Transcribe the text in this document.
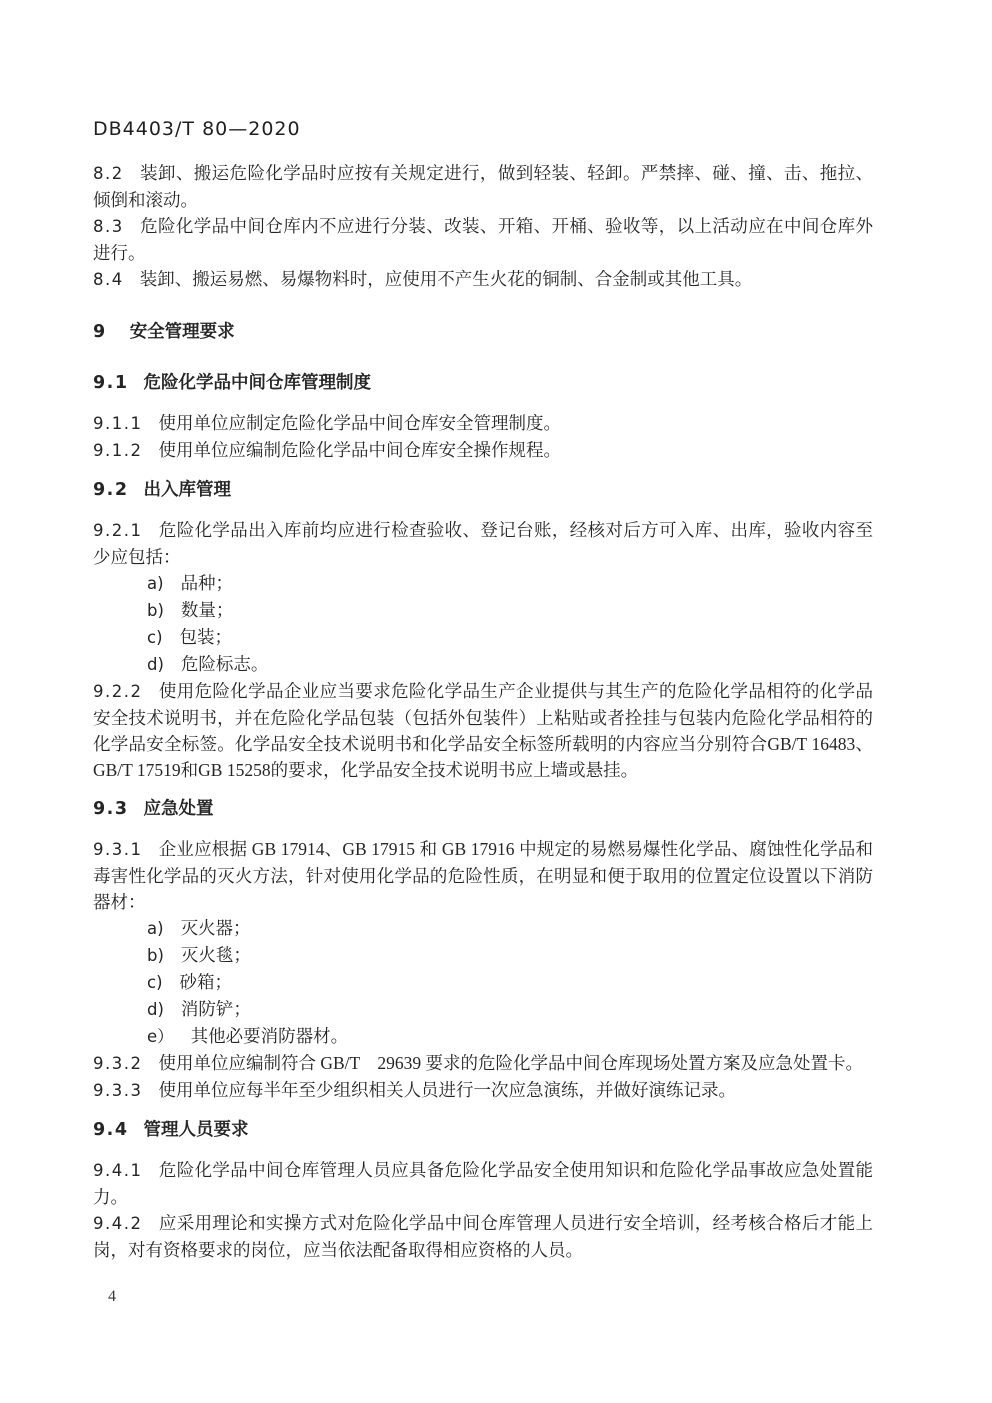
DB4403/T 80—2020

8.2 装卸、搬运危险化学品时应按有关规定进行，做到轻装、轻卸。严禁摔、碰、撞、击、拖拉、倾倒和滚动。

8.3 危险化学品中间仓库内不应进行分装、改装、开箱、开桶、验收等，以上活动应在中间仓库外进行。

8.4 装卸、搬运易燃、易爆物料时，应使用不产生火花的铜制、合金制或其他工具。

9 安全管理要求

9.1 危险化学品中间仓库管理制度

9.1.1 使用单位应制定危险化学品中间仓库安全管理制度。

9.1.2 使用单位应编制危险化学品中间仓库安全操作规程。

9.2 出入库管理

9.2.1 危险化学品出入库前均应进行检查验收、登记台账，经核对后方可入库、出库，验收内容至少应包括：

a) 品种；

b) 数量；

c) 包装；

d) 危险标志。

9.2.2 使用危险化学品企业应当要求危险化学品生产企业提供与其生产的危险化学品相符的化学品安全技术说明书，并在危险化学品包装（包括外包装件）上粘贴或者拴挂与包装内危险化学品相符的化学品安全标签。化学品安全技术说明书和化学品安全标签所载明的内容应当分别符合GB/T 16483、GB/T 17519和GB 15258的要求，化学品安全技术说明书应上墙或悬挂。

9.3 应急处置

9.3.1 企业应根据 GB 17914、GB 17915 和 GB 17916 中规定的易燃易爆性化学品、腐蚀性化学品和毒害性化学品的灭火方法，针对使用化学品的危险性质，在明显和便于取用的位置定位设置以下消防器材：

a) 灭火器；

b) 灭火毯；

c) 砂箱；

d) 消防铲；

e） 其他必要消防器材。

9.3.2 使用单位应编制符合 GB/T　29639 要求的危险化学品中间仓库现场处置方案及应急处置卡。

9.3.3 使用单位应每半年至少组织相关人员进行一次应急演练，并做好演练记录。

9.4 管理人员要求

9.4.1 危险化学品中间仓库管理人员应具备危险化学品安全使用知识和危险化学品事故应急处置能力。

9.4.2 应采用理论和实操方式对危险化学品中间仓库管理人员进行安全培训，经考核合格后才能上岗，对有资格要求的岗位，应当依法配备取得相应资格的人员。

4
